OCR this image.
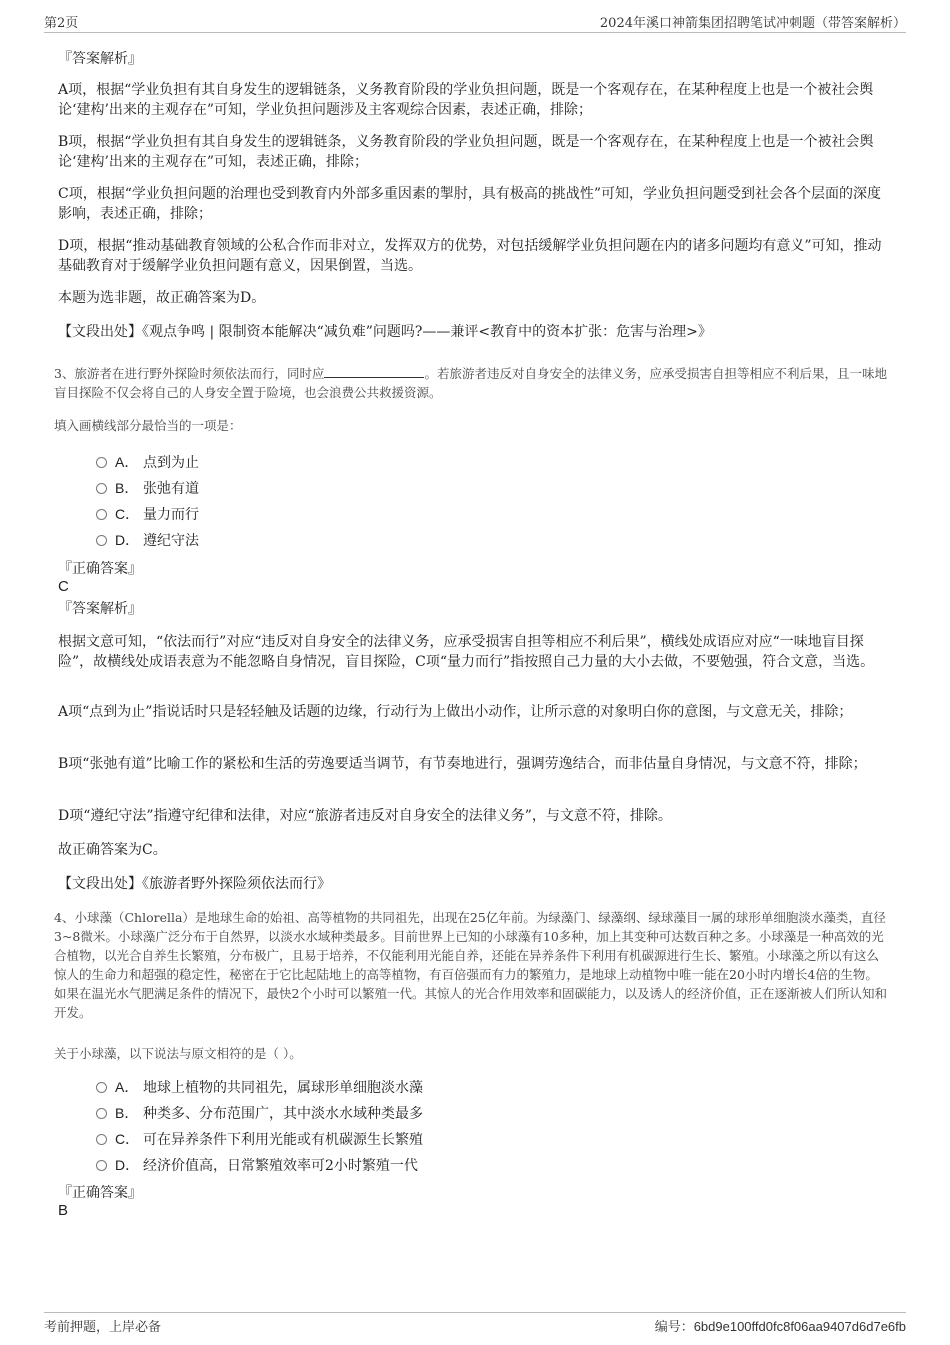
第2页	2024年溪口神箭集团招聘笔试冲刺题（带答案解析）

『答案解析』

A项，根据“学业负担有其自身发生的逻辑链条，义务教育阶段的学业负担问题，既是一个客观存在，在某种程度上也是一个被社会舆论‘建构’出来的主观存在”可知，学业负担问题涉及主客观综合因素，表述正确，排除；

B项，根据“学业负担有其自身发生的逻辑链条，义务教育阶段的学业负担问题，既是一个客观存在，在某种程度上也是一个被社会舆论‘建构’出来的主观存在”可知，表述正确，排除；

C项，根据“学业负担问题的治理也受到教育内外部多重因素的掣肘，具有极高的挑战性”可知，学业负担问题受到社会各个层面的深度影响，表述正确，排除；

D项，根据“推动基础教育领域的公私合作而非对立，发挥双方的优势，对包括缓解学业负担问题在内的诸多问题均有意义”可知，推动基础教育对于缓解学业负担问题有意义，因果倒置，当选。

本题为选非题，故正确答案为D。

【文段出处】《观点争鸣 | 限制资本能解决“减负难”问题吗?——兼评<教育中的资本扩张：危害与治理>》

3、旅游者在进行野外探险时须依法而行，同时应	。若旅游者违反对自身安全的法律义务，应承受损害自担等相应不利后果，且一味地盲目探险不仅会将自己的人身安全置于险境，也会浪费公共救援资源。

填入画横线部分最恰当的一项是：

A． 点到为止
B． 张弛有道
C． 量力而行
D． 遵纪守法

『正确答案』

C

『答案解析』

根据文意可知，“依法而行”对应“违反对自身安全的法律义务，应承受损害自担等相应不利后果”，横线处成语应对应“一味地盲目探险”，故横线处成语表意为不能忽略自身情况，盲目探险，C项“量力而行”指按照自己力量的大小去做，不要勉强，符合文意，当选。

A项“点到为止”指说话时只是轻轻触及话题的边缘，行动行为上做出小动作，让所示意的对象明白你的意图，与文意无关，排除；

B项“张弛有道”比喻工作的紧松和生活的劳逸要适当调节，有节奏地进行，强调劳逸结合，而非估量自身情况，与文意不符，排除；

D项“遵纪守法”指遵守纪律和法律，对应“旅游者违反对自身安全的法律义务”，与文意不符，排除。

故正确答案为C。

【文段出处】《旅游者野外探险须依法而行》

4、小球藻（Chlorella）是地球生命的始祖、高等植物的共同祖先，出现在25亿年前。为绿藻门、绿藻纲、绿球藻目一属的球形单细胞淡水藻类，直径3~8微米。小球藻广泛分布于自然界，以淡水水域种类最多。目前世界上已知的小球藻有10多种，加上其变种可达数百种之多。小球藻是一种高效的光合植物，以光合自养生长繁殖，分布极广，且易于培养，不仅能利用光能自养，还能在异养条件下利用有机碳源进行生长、繁殖。小球藻之所以有这么惊人的生命力和超强的稳定性，秘密在于它比起陆地上的高等植物，有百倍强而有力的繁殖力，是地球上动植物中唯一能在20小时内增长4倍的生物。如果在温光水气肥满足条件的情况下，最快2个小时可以繁殖一代。其惊人的光合作用效率和固碳能力，以及诱人的经济价值，正在逐渐被人们所认知和开发。

关于小球藻，以下说法与原文相符的是（ ）。

A． 地球上植物的共同祖先，属球形单细胞淡水藻
B． 种类多、分布范围广，其中淡水水域种类最多
C． 可在异养条件下利用光能或有机碳源生长繁殖
D． 经济价值高，日常繁殖效率可2小时繁殖一代

『正确答案』

B

考前押题，上岸必备	编号：6bd9e100ffd0fc8f06aa9407d6d7e6fb
